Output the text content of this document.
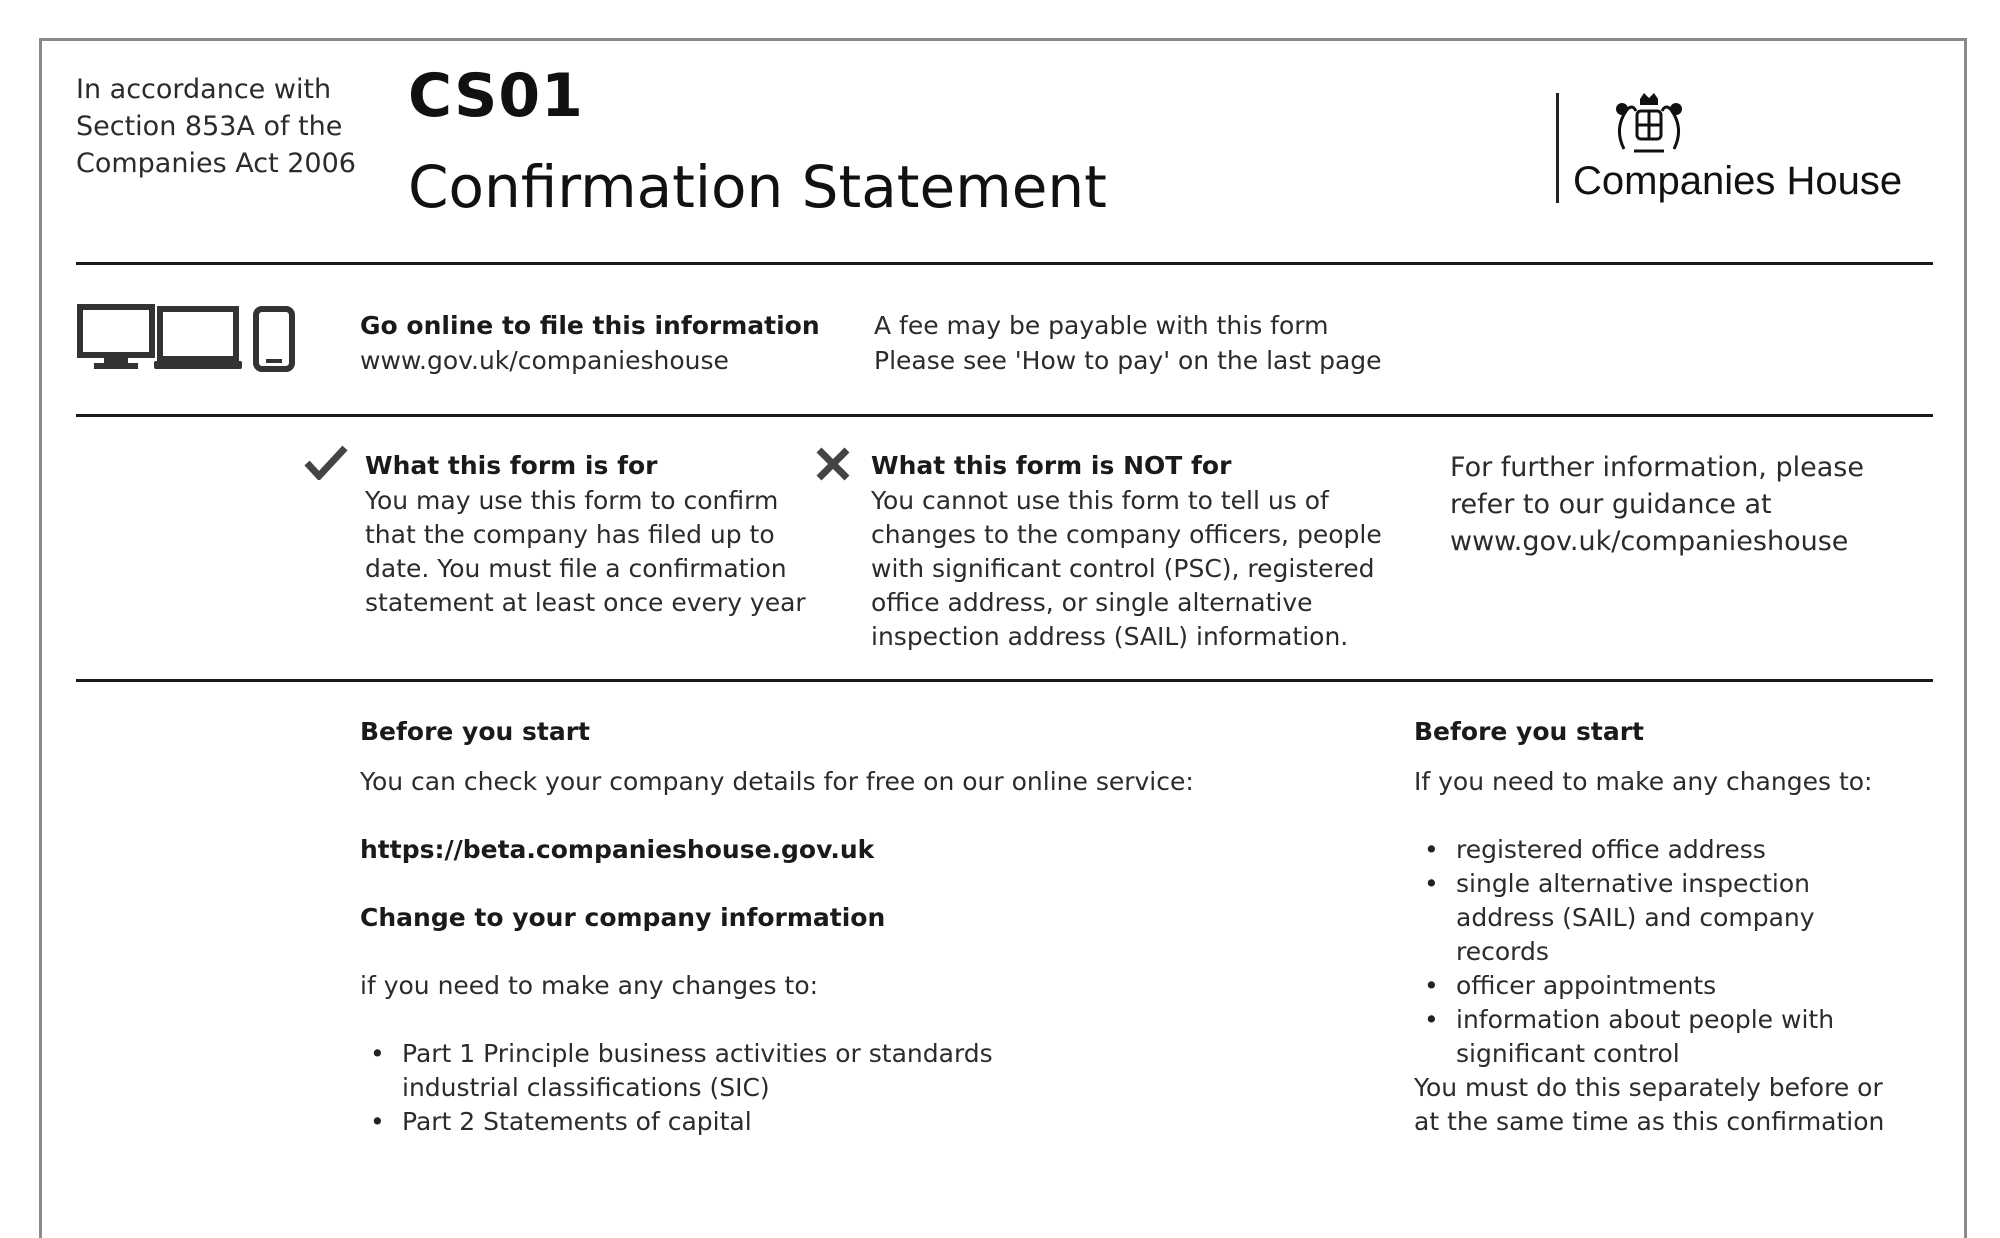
In accordance with Section 853A of the Companies Act 2006
CS01
Confirmation Statement	Companies House
Go online to file this information
www.gov.uk/companieshouse
A fee may be payable with this form
Please see 'How to pay' on the last page
What this form is for
You may use this form to confirm that the company has filed up to date. You must file a confirmation statement at least once every year
What this form is NOT for
You cannot use this form to tell us of changes to the company officers, people with significant control (PSC), registered office address, or single alternative inspection address (SAIL) information.
For further information, please refer to our guidance at www.gov.uk/companieshouse
Before you start
You can check your company details for free on our online service:
https://beta.companieshouse.gov.uk
Change to your company information
if you need to make any changes to:
• Part 1 Principle business activities or standards industrial classifications (SIC)
• Part 2 Statements of capital
Before you start
If you need to make any changes to:
• registered office address
• single alternative inspection address (SAIL) and company records
• officer appointments
• information about people with significant control
You must do this separately before or at the same time as this confirmation
